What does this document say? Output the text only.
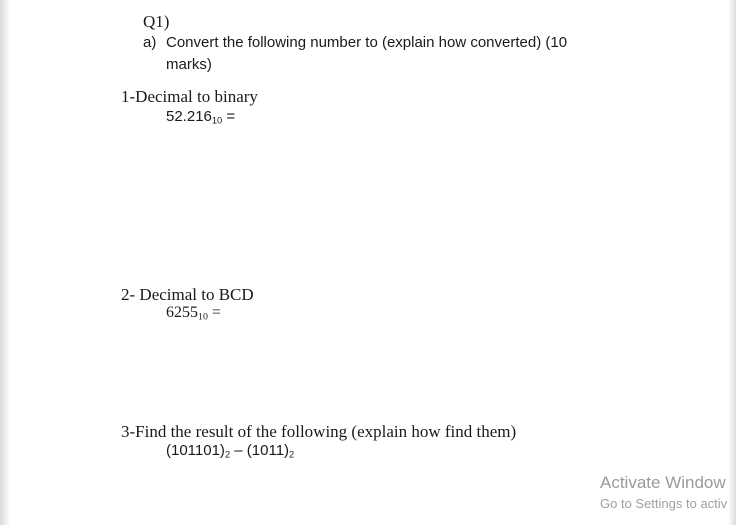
Q1)
a) Convert the following number to (explain how converted) (10
marks)
1-Decimal to binary
$52.216_{10}$ =
2- Decimal to BCD
$6255_{10}$ =
3-Find the result of the following (explain how find them)
$(101101)_2 - (1011)_2$
Activate Window
Go to Settings to activ
